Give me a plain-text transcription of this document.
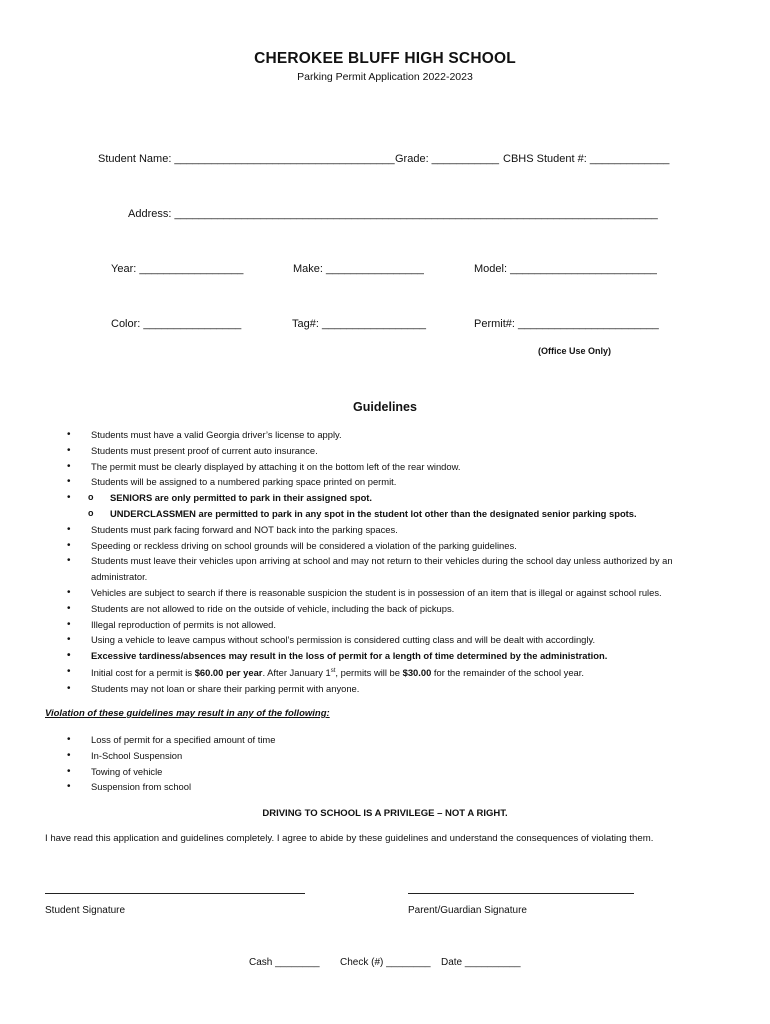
CHEROKEE BLUFF HIGH SCHOOL
Parking Permit Application 2022-2023
Student Name: ____________________________________ Grade: ___________ CBHS Student #: _____________
Address: _______________________________________________________________________________
Year: _________________	Make: ________________	Model: ________________________
Color: ________________	Tag#: _________________	Permit#: _______________________
(Office Use Only)
Guidelines
• Students must have a valid Georgia driver’s license to apply.
• Students must present proof of current auto insurance.
• The permit must be clearly displayed by attaching it on the bottom left of the rear window.
• Students will be assigned to a numbered parking space printed on permit.
o • SENIORS are only permitted to park in their assigned spot.
o UNDERCLASSMEN are permitted to park in any spot in the student lot other than the designated senior parking spots.
• Students must park facing forward and NOT back into the parking spaces.
• Speeding or reckless driving on school grounds will be considered a violation of the parking guidelines.
• Students must leave their vehicles upon arriving at school and may not return to their vehicles during the school day unless authorized by an administrator.
• Vehicles are subject to search if there is reasonable suspicion the student is in possession of an item that is illegal or against school rules.
• Students are not allowed to ride on the outside of vehicle, including the back of pickups.
• Illegal reproduction of permits is not allowed.
• Using a vehicle to leave campus without school’s permission is considered cutting class and will be dealt with accordingly.
• Excessive tardiness/absences may result in the loss of permit for a length of time determined by the administration.
• Initial cost for a permit is $60.00 per year. After January 1st, permits will be $30.00 for the remainder of the school year.
• Students may not loan or share their parking permit with anyone.
Violation of these guidelines may result in any of the following:
• Loss of permit for a specified amount of time
• In-School Suspension
• Towing of vehicle
• Suspension from school
DRIVING TO SCHOOL IS A PRIVILEGE – NOT A RIGHT.
I have read this application and guidelines completely. I agree to abide by these guidelines and understand the consequences of violating them.
Student Signature	Parent/Guardian Signature
Cash ________ Check (#) ________ Date __________
